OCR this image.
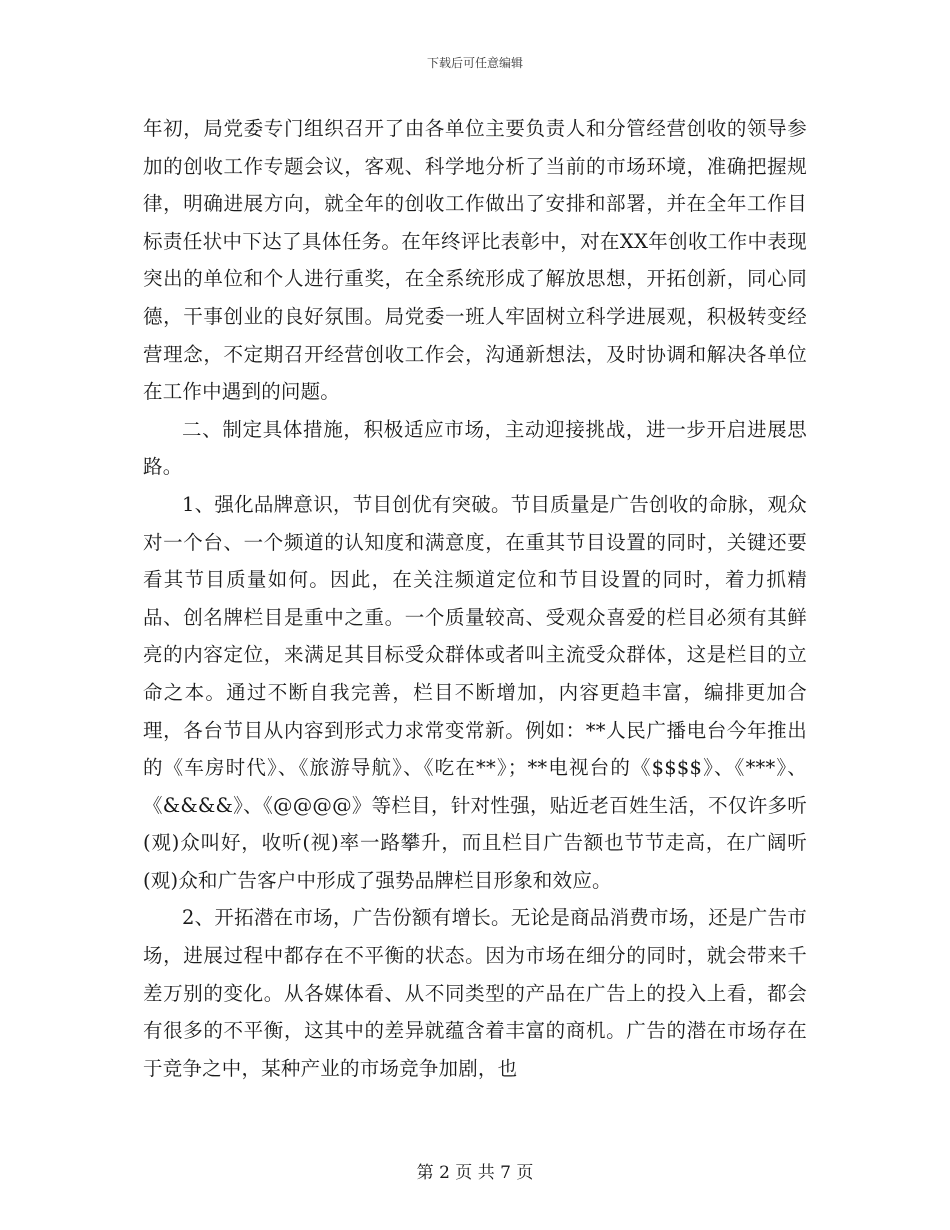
下载后可任意编辑

年初，局党委专门组织召开了由各单位主要负责人和分管经营创收的领导参加的创收工作专题会议，客观、科学地分析了当前的市场环境，准确把握规律，明确进展方向，就全年的创收工作做出了安排和部署，并在全年工作目标责任状中下达了具体任务。在年终评比表彰中，对在XX年创收工作中表现突出的单位和个人进行重奖，在全系统形成了解放思想，开拓创新，同心同德，干事创业的良好氛围。局党委一班人牢固树立科学进展观，积极转变经营理念，不定期召开经营创收工作会，沟通新想法，及时协调和解决各单位在工作中遇到的问题。

二、制定具体措施，积极适应市场，主动迎接挑战，进一步开启进展思路。

1、强化品牌意识，节目创优有突破。节目质量是广告创收的命脉，观众对一个台、一个频道的认知度和满意度，在重其节目设置的同时，关键还要看其节目质量如何。因此，在关注频道定位和节目设置的同时，着力抓精品、创名牌栏目是重中之重。一个质量较高、受观众喜爱的栏目必须有其鲜亮的内容定位，来满足其目标受众群体或者叫主流受众群体，这是栏目的立命之本。通过不断自我完善，栏目不断增加，内容更趋丰富，编排更加合理，各台节目从内容到形式力求常变常新。例如：**人民广播电台今年推出的《车房时代》、《旅游导航》、《吃在**》；**电视台的《$$$$》、《***》、《&&&&》、《@@@@》等栏目，针对性强，贴近老百姓生活，不仅许多听(观)众叫好，收听(视)率一路攀升，而且栏目广告额也节节走高，在广阔听(观)众和广告客户中形成了强势品牌栏目形象和效应。

2、开拓潜在市场，广告份额有增长。无论是商品消费市场，还是广告市场，进展过程中都存在不平衡的状态。因为市场在细分的同时，就会带来千差万别的变化。从各媒体看、从不同类型的产品在广告上的投入上看，都会有很多的不平衡，这其中的差异就蕴含着丰富的商机。广告的潜在市场存在于竞争之中，某种产业的市场竞争加剧，也

第 2 页 共 7 页
